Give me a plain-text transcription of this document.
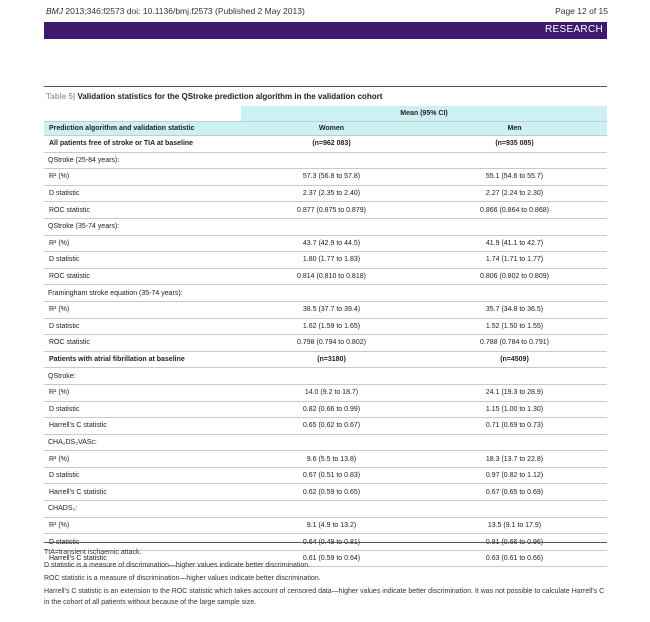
BMJ 2013;346:f2573 doi: 10.1136/bmj.f2573 (Published 2 May 2013)	Page 12 of 15
RESEARCH
Table 5| Validation statistics for the QStroke prediction algorithm in the validation cohort
	Mean (95% CI)	
Prediction algorithm and validation statistic	Women	Men
All patients free of stroke or TIA at baseline	(n=962 083)	(n=935 085)
QStroke (25-84 years):		
R² (%)	57.3 (56.8 to 57.8)	55.1 (54.6 to 55.7)
D statistic	2.37 (2.35 to 2.40)	2.27 (2.24 to 2.30)
ROC statistic	0.877 (0.875 to 0.879)	0.866 (0.864 to 0.868)
QStroke (35-74 years):		
R² (%)	43.7 (42.9 to 44.5)	41.9 (41.1 to 42.7)
D statistic	1.80 (1.77 to 1.83)	1.74 (1.71 to 1.77)
ROC statistic	0.814 (0.810 to 0.818)	0.806 (0.802 to 0.809)
Framingham stroke equation (35-74 years):		
R² (%)	38.5 (37.7 to 39.4)	35.7 (34.8 to 36.5)
D statistic	1.62 (1.59 to 1.65)	1.52 (1.50 to 1.55)
ROC statistic	0.798 (0.794 to 0.802)	0.788 (0.784 to 0.791)
Patients with atrial fibrillation at baseline	(n=3180)	(n=4509)
QStroke:		
R² (%)	14.0 (9.2 to 18.7)	24.1 (19.3 to 28.9)
D statistic	0.82 (0.66 to 0.99)	1.15 (1.00 to 1.30)
Harrell's C statistic	0.65 (0.62 to 0.67)	0.71 (0.69 to 0.73)
CHA₂DS₂VASc:		
R² (%)	9.6 (5.5 to 13.8)	18.3 (13.7 to 22.8)
D statistic	0.67 (0.51 to 0.83)	0.97 (0.82 to 1.12)
Harrell's C statistic	0.62 (0.59 to 0.65)	0.67 (0.65 to 0.69)
CHADS₂:		
R² (%)	9.1 (4.9 to 13.2)	13.5 (9.1 to 17.9)
D statistic	0.64 (0.49 to 0.81)	0.81 (0.66 to 0.96)
Harrell's C statistic	0.61 (0.59 to 0.64)	0.63 (0.61 to 0.66)
TIA=transient ischaemic attack.
D statistic is a measure of discrimination—higher values indicate better discrimination.
ROC statistic is a measure of discrimination—higher values indicate better discrimination.
Harrell's C statistic is an extension to the ROC statistic which takes account of censored data—higher values indicate better discrimination. It was not possible to calculate Harrell's C in the cohort of all patients without because of the large sample size.
